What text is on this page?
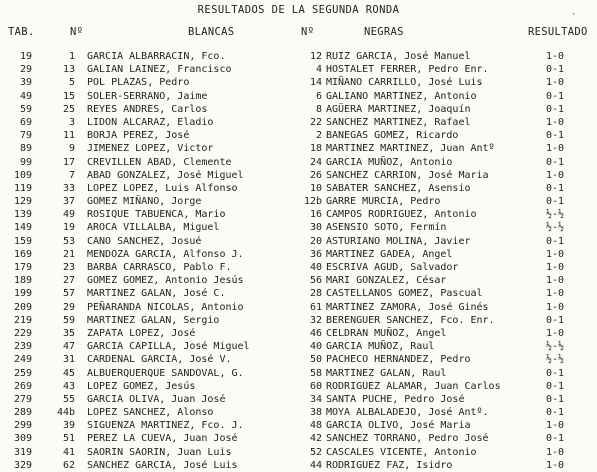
RESULTADOS DE LA SEGUNDA RONDA	·
TAB.	Nº	BLANCAS	Nº	NEGRAS	RESULTADO
19	1 GARCIA ALBARRACIN, Fco.	12 RUIZ GARCIA, José Manuel	1-0
29	13 GALIAN LAINEZ, Francisco	4 HOSTALET FERRER, Pedro Enr.	0-1
39	5 POL PLAZAS, Pedro	14 MIÑANO CARRILLO, José Luis	1-0
49	15 SOLER-SERRANO, Jaime	6 GALIANO MARTINEZ, Antonio	0-1
59	25 REYES ANDRES, Carlos	8 AGÜERA MARTINEZ, Joaquín	0-1
69	3 LIDON ALCARAZ, Eladio	22 SANCHEZ MARTINEZ, Rafael	1-0
79	11 BORJA PEREZ, José	2 BANEGAS GOMEZ, Ricardo	0-1
89	9 JIMENEZ LOPEZ, Victor	18 MARTINEZ MARTINEZ, Juan Antº	1-0
99	17 CREVILLEN ABAD, Clemente	24 GARCIA MUÑOZ, Antonio	0-1
109	7 ABAD GONZALEZ, José Miguel	26 SANCHEZ CARRION, José Maria	1-0
119	33 LOPEZ LOPEZ, Luis Alfonso	10 SABATER SANCHEZ, Asensio	0-1
129	37 GOMEZ MIÑANO, Jorge	12b GARRE MURCIA, Pedro	0-1
139	49 ROSIQUE TABUENCA, Mario	16 CAMPOS RODRIGUEZ, Antonio	½-½
149	19 AROCA VILLALBA, Miguel	30 ASENSIO SOTO, Fermín	½-½
159	53 CANO SANCHEZ, Josué	20 ASTURIANO MOLINA, Javier	0-1
169	21 MENDOZA GARCIA, Alfonso J.	36 MARTINEZ GADEA, Angel	1-0
179	23 BARBA CARRASCO, Pablo F.	40 ESCRIVA AGUD, Salvador	1-0
189	27 GOMEZ GOMEZ, Antonio Jesús	56 MARI GONZALEZ, César	1-0
199	57 MARTINEZ GALAN, José C.	28 CASTELLANOS GOMEZ, Pascual	1-0
209	29 PEÑARANDA NICOLAS, Antonio	61 MARTINEZ ZAMORA, José Ginés	1-0
219	59 MARTINEZ GALAN, Sergio	32 BERENGUER SANCHEZ, Fco. Enr.	0-1
229	35 ZAPATA LOPEZ, José	46 CELDRAN MUÑOZ, Angel	1-0
239	47 GARCIA CAPILLA, José Miguel	40 GARCIA MUÑOZ, Raul	½-½
249	31 CARDENAL GARCIA, José V.	50 PACHECO HERNANDEZ, Pedro	½-½
259	45 ALBUERQUERQUE SANDOVAL, G.	58 MARTINEZ GALAN, Raul	0-1
269	43 LOPEZ GOMEZ, Jesús	60 RODRIGUEZ ALAMAR, Juan Carlos	0-1
279	55 GARCIA OLIVA, Juan José	34 SANTA PUCHE, Pedro José	0-1
289	44b LOPEZ SANCHEZ, Alonso	38 MOYA ALBALADEJO, José Antº.	0-1
299	39 SIGUENZA MARTINEZ, Fco. J.	48 GARCIA OLIVO, José Maria	1-0
309	51 PEREZ LA CUEVA, Juan José	42 SANCHEZ TORRANO, Pedro José	0-1
319	41 SAORIN SAORIN, Juan Luis	52 CASCALES VICENTE, Antonio	1-0
329	62 SANCHEZ GARCIA, José Luis	44 RODRIGUEZ FAZ, Isidro	1-0
